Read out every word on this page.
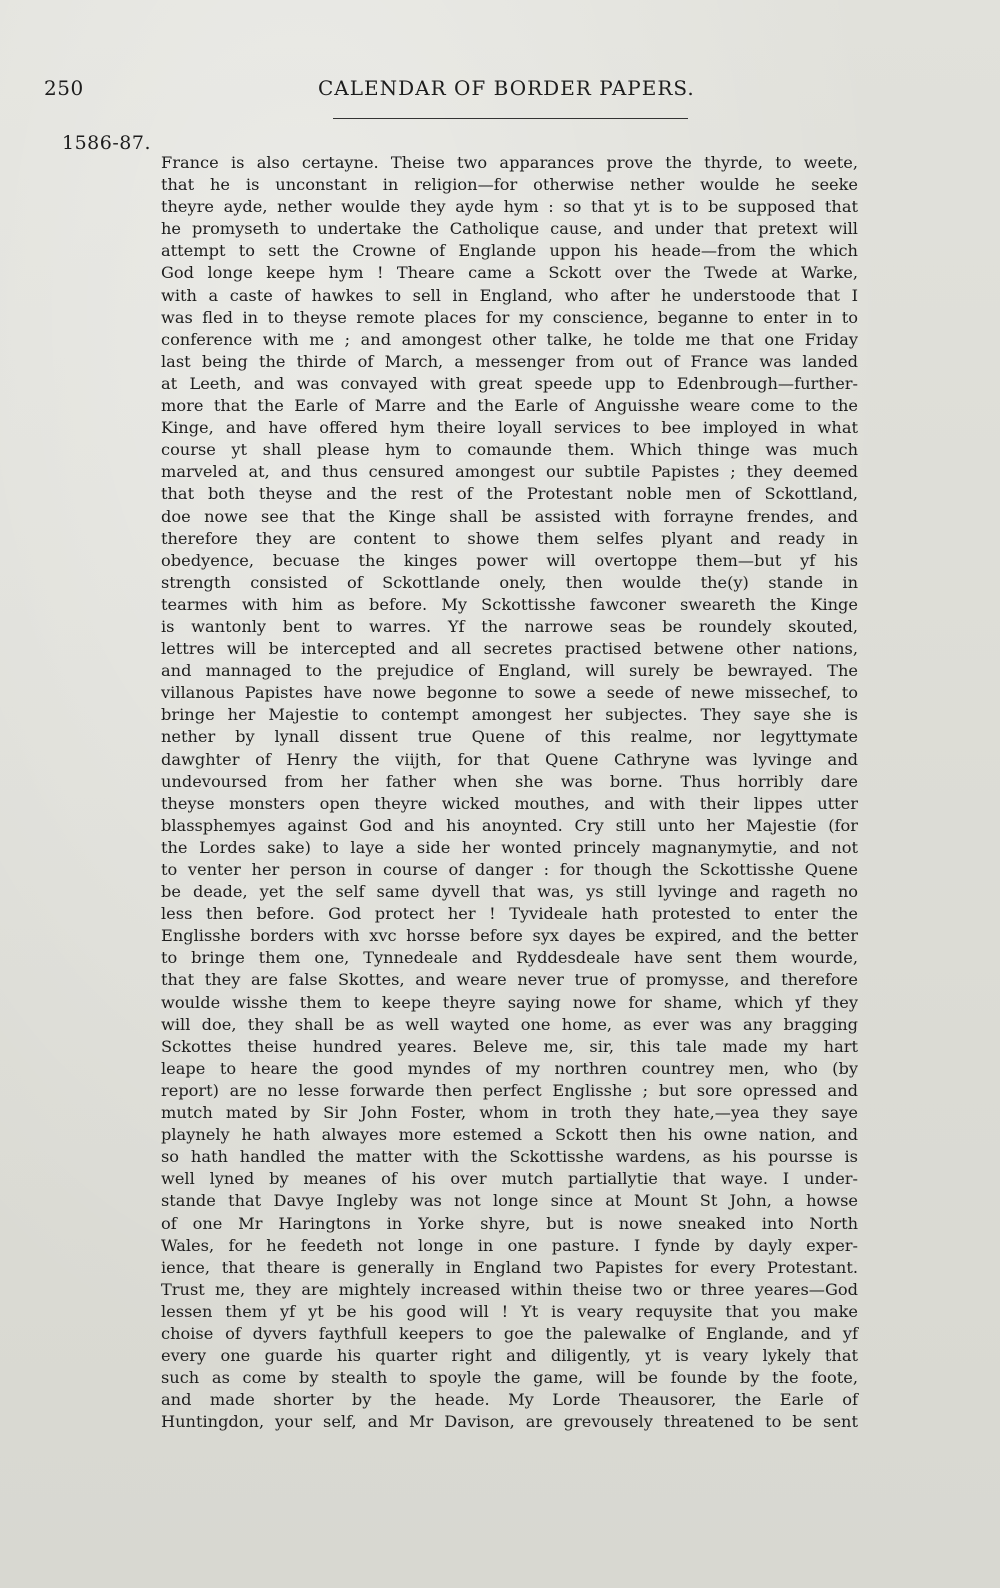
250	CALENDAR OF BORDER PAPERS.
1586-87.
France is also certayne. Theise two apparances prove the thyrde, to weete,
that he is unconstant in religion—for otherwise nether woulde he seeke
theyre ayde, nether woulde they ayde hym : so that yt is to be supposed that
he promyseth to undertake the Catholique cause, and under that pretext will
attempt to sett the Crowne of Englande uppon his heade—from the which
God longe keepe hym ! Theare came a Sckott over the Twede at Warke,
with a caste of hawkes to sell in England, who after he understoode that I
was fled in to theyse remote places for my conscience, beganne to enter in to
conference with me ; and amongest other talke, he tolde me that one Friday
last being the thirde of March, a messenger from out of France was landed
at Leeth, and was convayed with great speede upp to Edenbrough—further-
more that the Earle of Marre and the Earle of Anguisshe weare come to the
Kinge, and have offered hym theire loyall services to bee imployed in what
course yt shall please hym to comaunde them. Which thinge was much
marveled at, and thus censured amongest our subtile Papistes ; they deemed
that both theyse and the rest of the Protestant noble men of Sckottland,
doe nowe see that the Kinge shall be assisted with forrayne frendes, and
therefore they are content to showe them selfes plyant and ready in
obedyence, becuase the kinges power will overtoppe them—but yf his
strength consisted of Sckottlande onely, then woulde the(y) stande in
tearmes with him as before. My Sckottisshe fawconer sweareth the Kinge
is wantonly bent to warres. Yf the narrowe seas be roundely skouted,
lettres will be intercepted and all secretes practised betwene other nations,
and mannaged to the prejudice of England, will surely be bewrayed. The
villanous Papistes have nowe begonne to sowe a seede of newe missechef, to
bringe her Majestie to contempt amongest her subjectes. They saye she is
nether by lynall dissent true Quene of this realme, nor legyttymate
dawghter of Henry the viijth, for that Quene Cathryne was lyvinge and
undevoursed from her father when she was borne. Thus horribly dare
theyse monsters open theyre wicked mouthes, and with their lippes utter
blassphemyes against God and his anoynted. Cry still unto her Majestie (for
the Lordes sake) to laye a side her wonted princely magnanymytie, and not
to venter her person in course of danger : for though the Sckottisshe Quene
be deade, yet the self same dyvell that was, ys still lyvinge and rageth no
less then before. God protect her ! Tyvideale hath protested to enter the
Englisshe borders with xvc horsse before syx dayes be expired, and the better
to bringe them one, Tynnedeale and Ryddesdeale have sent them wourde,
that they are false Skottes, and weare never true of promysse, and therefore
woulde wisshe them to keepe theyre saying nowe for shame, which yf they
will doe, they shall be as well wayted one home, as ever was any bragging
Sckottes theise hundred yeares. Beleve me, sir, this tale made my hart
leape to heare the good myndes of my northren countrey men, who (by
report) are no lesse forwarde then perfect Englisshe ; but sore opressed and
mutch mated by Sir John Foster, whom in troth they hate,—yea they saye
playnely he hath alwayes more estemed a Sckott then his owne nation, and
so hath handled the matter with the Sckottisshe wardens, as his poursse is
well lyned by meanes of his over mutch partiallytie that waye. I under-
stande that Davye Ingleby was not longe since at Mount St John, a howse
of one Mr Haringtons in Yorke shyre, but is nowe sneaked into North
Wales, for he feedeth not longe in one pasture. I fynde by dayly exper-
ience, that theare is generally in England two Papistes for every Protestant.
Trust me, they are mightely increased within theise two or three yeares—God
lessen them yf yt be his good will ! Yt is veary requysite that you make
choise of dyvers faythfull keepers to goe the palewalke of Englande, and yf
every one guarde his quarter right and diligently, yt is veary lykely that
such as come by stealth to spoyle the game, will be founde by the foote,
and made shorter by the heade. My Lorde Theausorer, the Earle of
Huntingdon, your self, and Mr Davison, are grevousely threatened to be sent
